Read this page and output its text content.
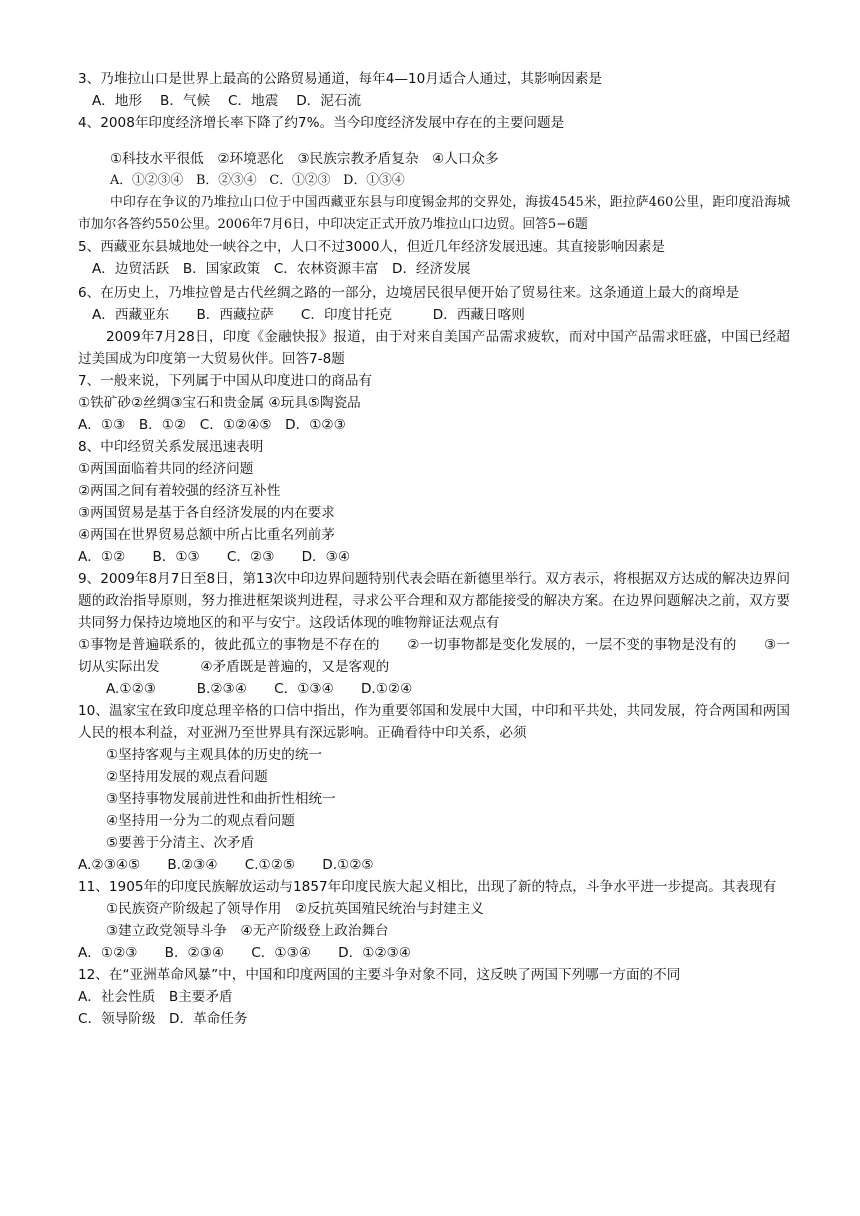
3、乃堆拉山口是世界上最高的公路贸易通道，每年4—10月适合人通过，其影响因素是
A．地形　 B．气候　 C．地震　 D．泥石流
4、2008年印度经济增长率下降了约7%。当今印度经济发展中存在的主要问题是
①科技水平很低　②环境恶化　③民族宗教矛盾复杂　④人口众多
A．①②③④　B．②③④　C．①②③　D．①③④
中印存在争议的乃堆拉山口位于中国西藏亚东县与印度锡金邦的交界处，海拔4545米，距拉萨460公里，距印度沿海城市加尔各答约550公里。2006年7月6日，中印决定正式开放乃堆拉山口边贸。回答5−6题
5、西藏亚东县城地处一峡谷之中，人口不过3000人，但近几年经济发展迅速。其直接影响因素是
A．边贸活跃　B．国家政策　C．农林资源丰富　D．经济发展
6、在历史上，乃堆拉曾是古代丝绸之路的一部分，边境居民很早便开始了贸易往来。这条通道上最大的商埠是
A．西藏亚东　　B．西藏拉萨　　C．印度甘托克　　　D．西藏日喀则
2009年7月28日，印度《金融快报》报道，由于对来自美国产品需求疲软，而对中国产品需求旺盛，中国已经超过美国成为印度第一大贸易伙伴。回答7-8题
7、一般来说，下列属于中国从印度进口的商品有
①铁矿砂②丝绸③宝石和贵金属 ④玩具⑤陶瓷品
A．①③　B．①②　C．①②④⑤　D．①②③
8、中印经贸关系发展迅速表明
①两国面临着共同的经济问题
②两国之间有着较强的经济互补性
③两国贸易是基于各自经济发展的内在要求
④两国在世界贸易总额中所占比重名列前茅
A．①②　　B．①③　　C．②③　　D．③④
9、2009年8月7日至8日，第13次中印边界问题特别代表会晤在新德里举行。双方表示，将根据双方达成的解决边界问题的政治指导原则，努力推进框架谈判进程，寻求公平合理和双方都能接受的解决方案。在边界问题解决之前，双方要共同努力保持边境地区的和平与安宁。这段话体现的唯物辩证法观点有
①事物是普遍联系的，彼此孤立的事物是不存在的　　②一切事物都是变化发展的，一层不变的事物是没有的　　③一切从实际出发　　　④矛盾既是普遍的，又是客观的
A.①②③　　　B.②③④　　C．①③④　　D.①②④
10、温家宝在致印度总理辛格的口信中指出，作为重要邻国和发展中大国，中印和平共处，共同发展，符合两国和两国人民的根本利益，对亚洲乃至世界具有深远影响。正确看待中印关系，必须
①坚持客观与主观具体的历史的统一
②坚持用发展的观点看问题
③坚持事物发展前进性和曲折性相统一
④坚持用一分为二的观点看问题
⑤要善于分清主、次矛盾
A.②③④⑤　　B.②③④　　C.①②⑤　　D.①②⑤
11、1905年的印度民族解放运动与1857年印度民族大起义相比，出现了新的特点，斗争水平进一步提高。其表现有
①民族资产阶级起了领导作用　②反抗英国殖民统治与封建主义
③建立政党领导斗争　④无产阶级登上政治舞台
A．①②③　　B．②③④　　C．①③④　　D．①②③④
12、在“亚洲革命风暴”中，中国和印度两国的主要斗争对象不同，这反映了两国下列哪一方面的不同
A．社会性质　B主要矛盾
C．领导阶级　D．革命任务
